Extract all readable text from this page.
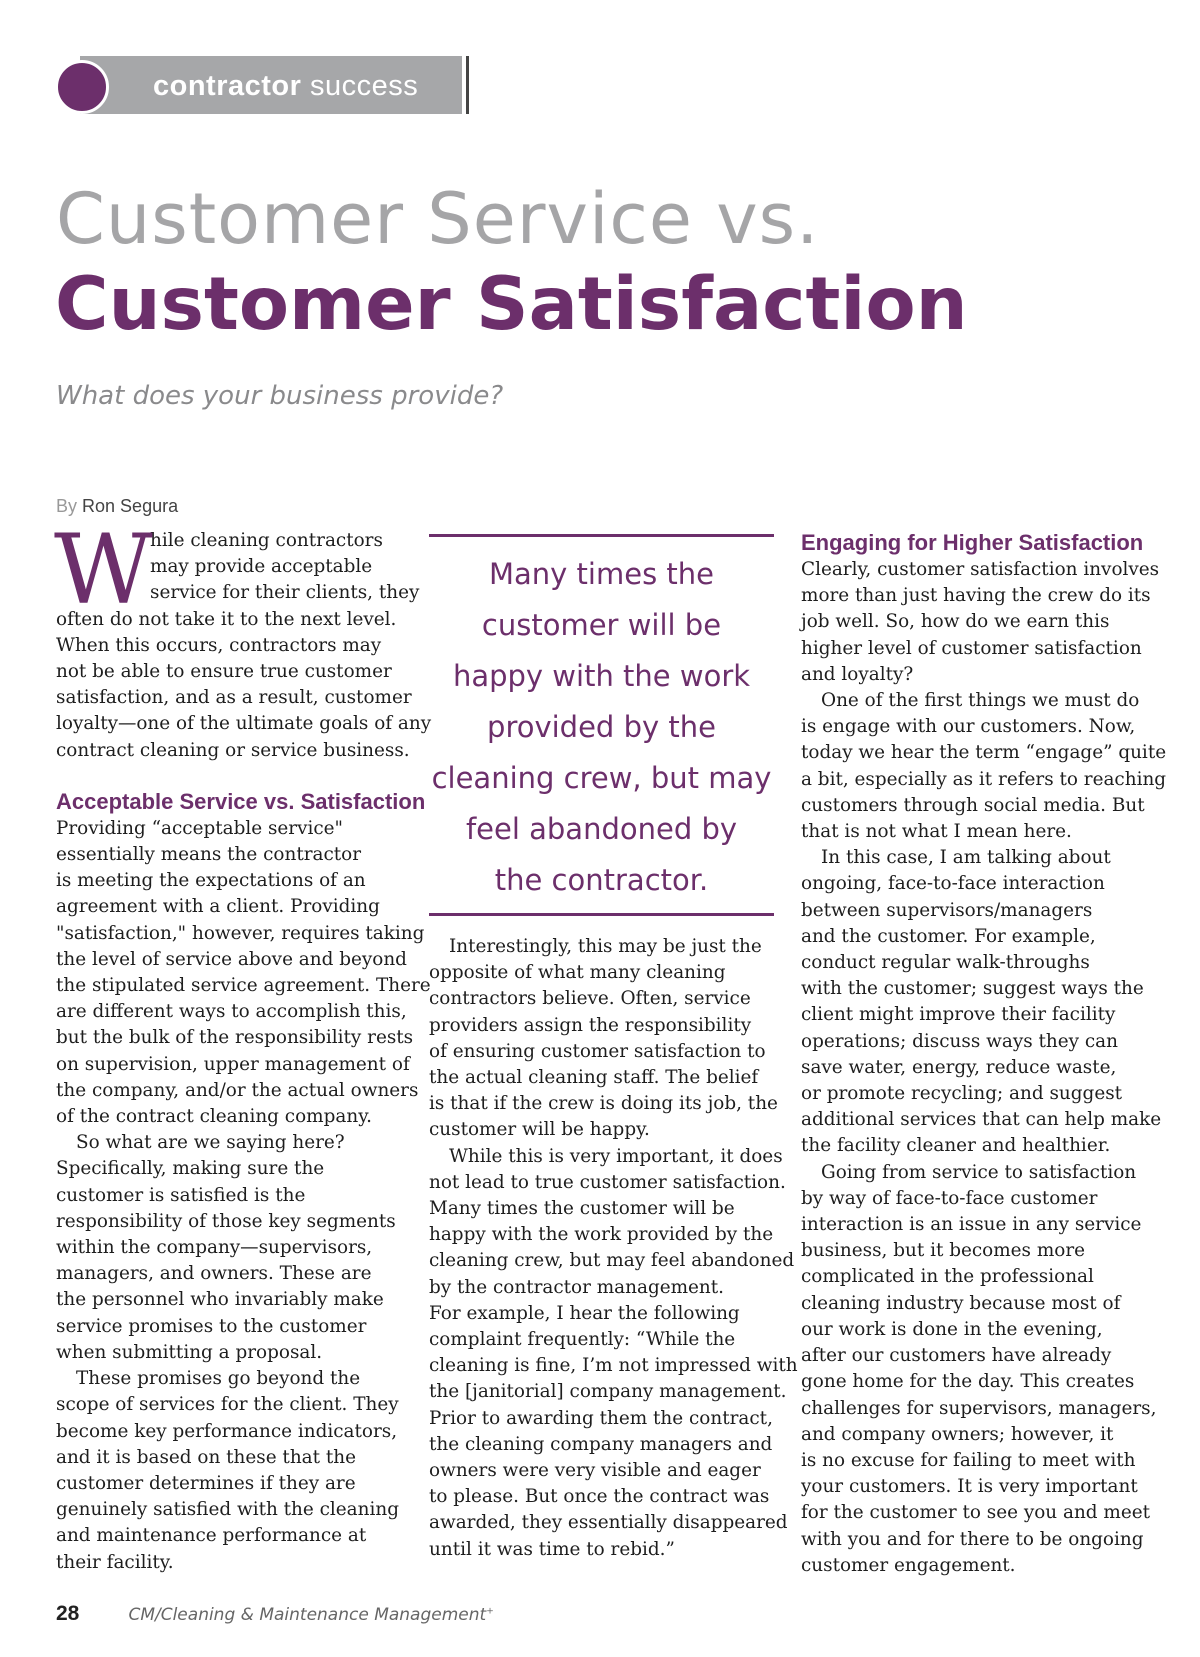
contractor success
Customer Service vs.
Customer Satisfaction
What does your business provide?
By Ron Segura
W
hile cleaning contractors
may provide acceptable
service for their clients, they
often do not take it to the next level.
When this occurs, contractors may
not be able to ensure true customer
satisfaction, and as a result, customer
loyalty—one of the ultimate goals of any
contract cleaning or service business.
Acceptable Service vs. Satisfaction

Providing “acceptable service"
essentially means the contractor
is meeting the expectations of an
agreement with a client. Providing
"satisfaction," however, requires taking
the level of service above and beyond
the stipulated service agreement. There
are different ways to accomplish this,
but the bulk of the responsibility rests
on supervision, upper management of
the company, and/or the actual owners
of the contract cleaning company.

So what are we saying here?
Specifically, making sure the
customer is satisfied is the
responsibility of those key segments
within the company—supervisors,
managers, and owners. These are
the personnel who invariably make
service promises to the customer
when submitting a proposal.

These promises go beyond the
scope of services for the client. They
become key performance indicators,
and it is based on these that the
customer determines if they are
genuinely satisfied with the cleaning
and maintenance performance at
their facility.

Many times the
customer will be
happy with the work
provided by the
cleaning crew, but may
feel abandoned by
the contractor.

Interestingly, this may be just the
opposite of what many cleaning
contractors believe. Often, service
providers assign the responsibility
of ensuring customer satisfaction to
the actual cleaning staff. The belief
is that if the crew is doing its job, the
customer will be happy.

While this is very important, it does
not lead to true customer satisfaction.
Many times the customer will be
happy with the work provided by the
cleaning crew, but may feel abandoned
by the contractor management.

For example, I hear the following
complaint frequently: “While the
cleaning is fine, I’m not impressed with
the [janitorial] company management.
Prior to awarding them the contract,
the cleaning company managers and
owners were very visible and eager
to please. But once the contract was
awarded, they essentially disappeared
until it was time to rebid.”

Engaging for Higher Satisfaction

Clearly, customer satisfaction involves
more than just having the crew do its
job well. So, how do we earn this
higher level of customer satisfaction
and loyalty?

One of the first things we must do
is engage with our customers. Now,
today we hear the term “engage” quite
a bit, especially as it refers to reaching
customers through social media. But
that is not what I mean here.

In this case, I am talking about
ongoing, face-to-face interaction
between supervisors/managers
and the customer. For example,
conduct regular walk-throughs
with the customer; suggest ways the
client might improve their facility
operations; discuss ways they can
save water, energy, reduce waste,
or promote recycling; and suggest
additional services that can help make
the facility cleaner and healthier.

Going from service to satisfaction
by way of face-to-face customer
interaction is an issue in any service
business, but it becomes more
complicated in the professional
cleaning industry because most of
our work is done in the evening,
after our customers have already
gone home for the day. This creates
challenges for supervisors, managers,
and company owners; however, it
is no excuse for failing to meet with
your customers. It is very important
for the customer to see you and meet
with you and for there to be ongoing
customer engagement.

28	CM/Cleaning & Maintenance Management+
